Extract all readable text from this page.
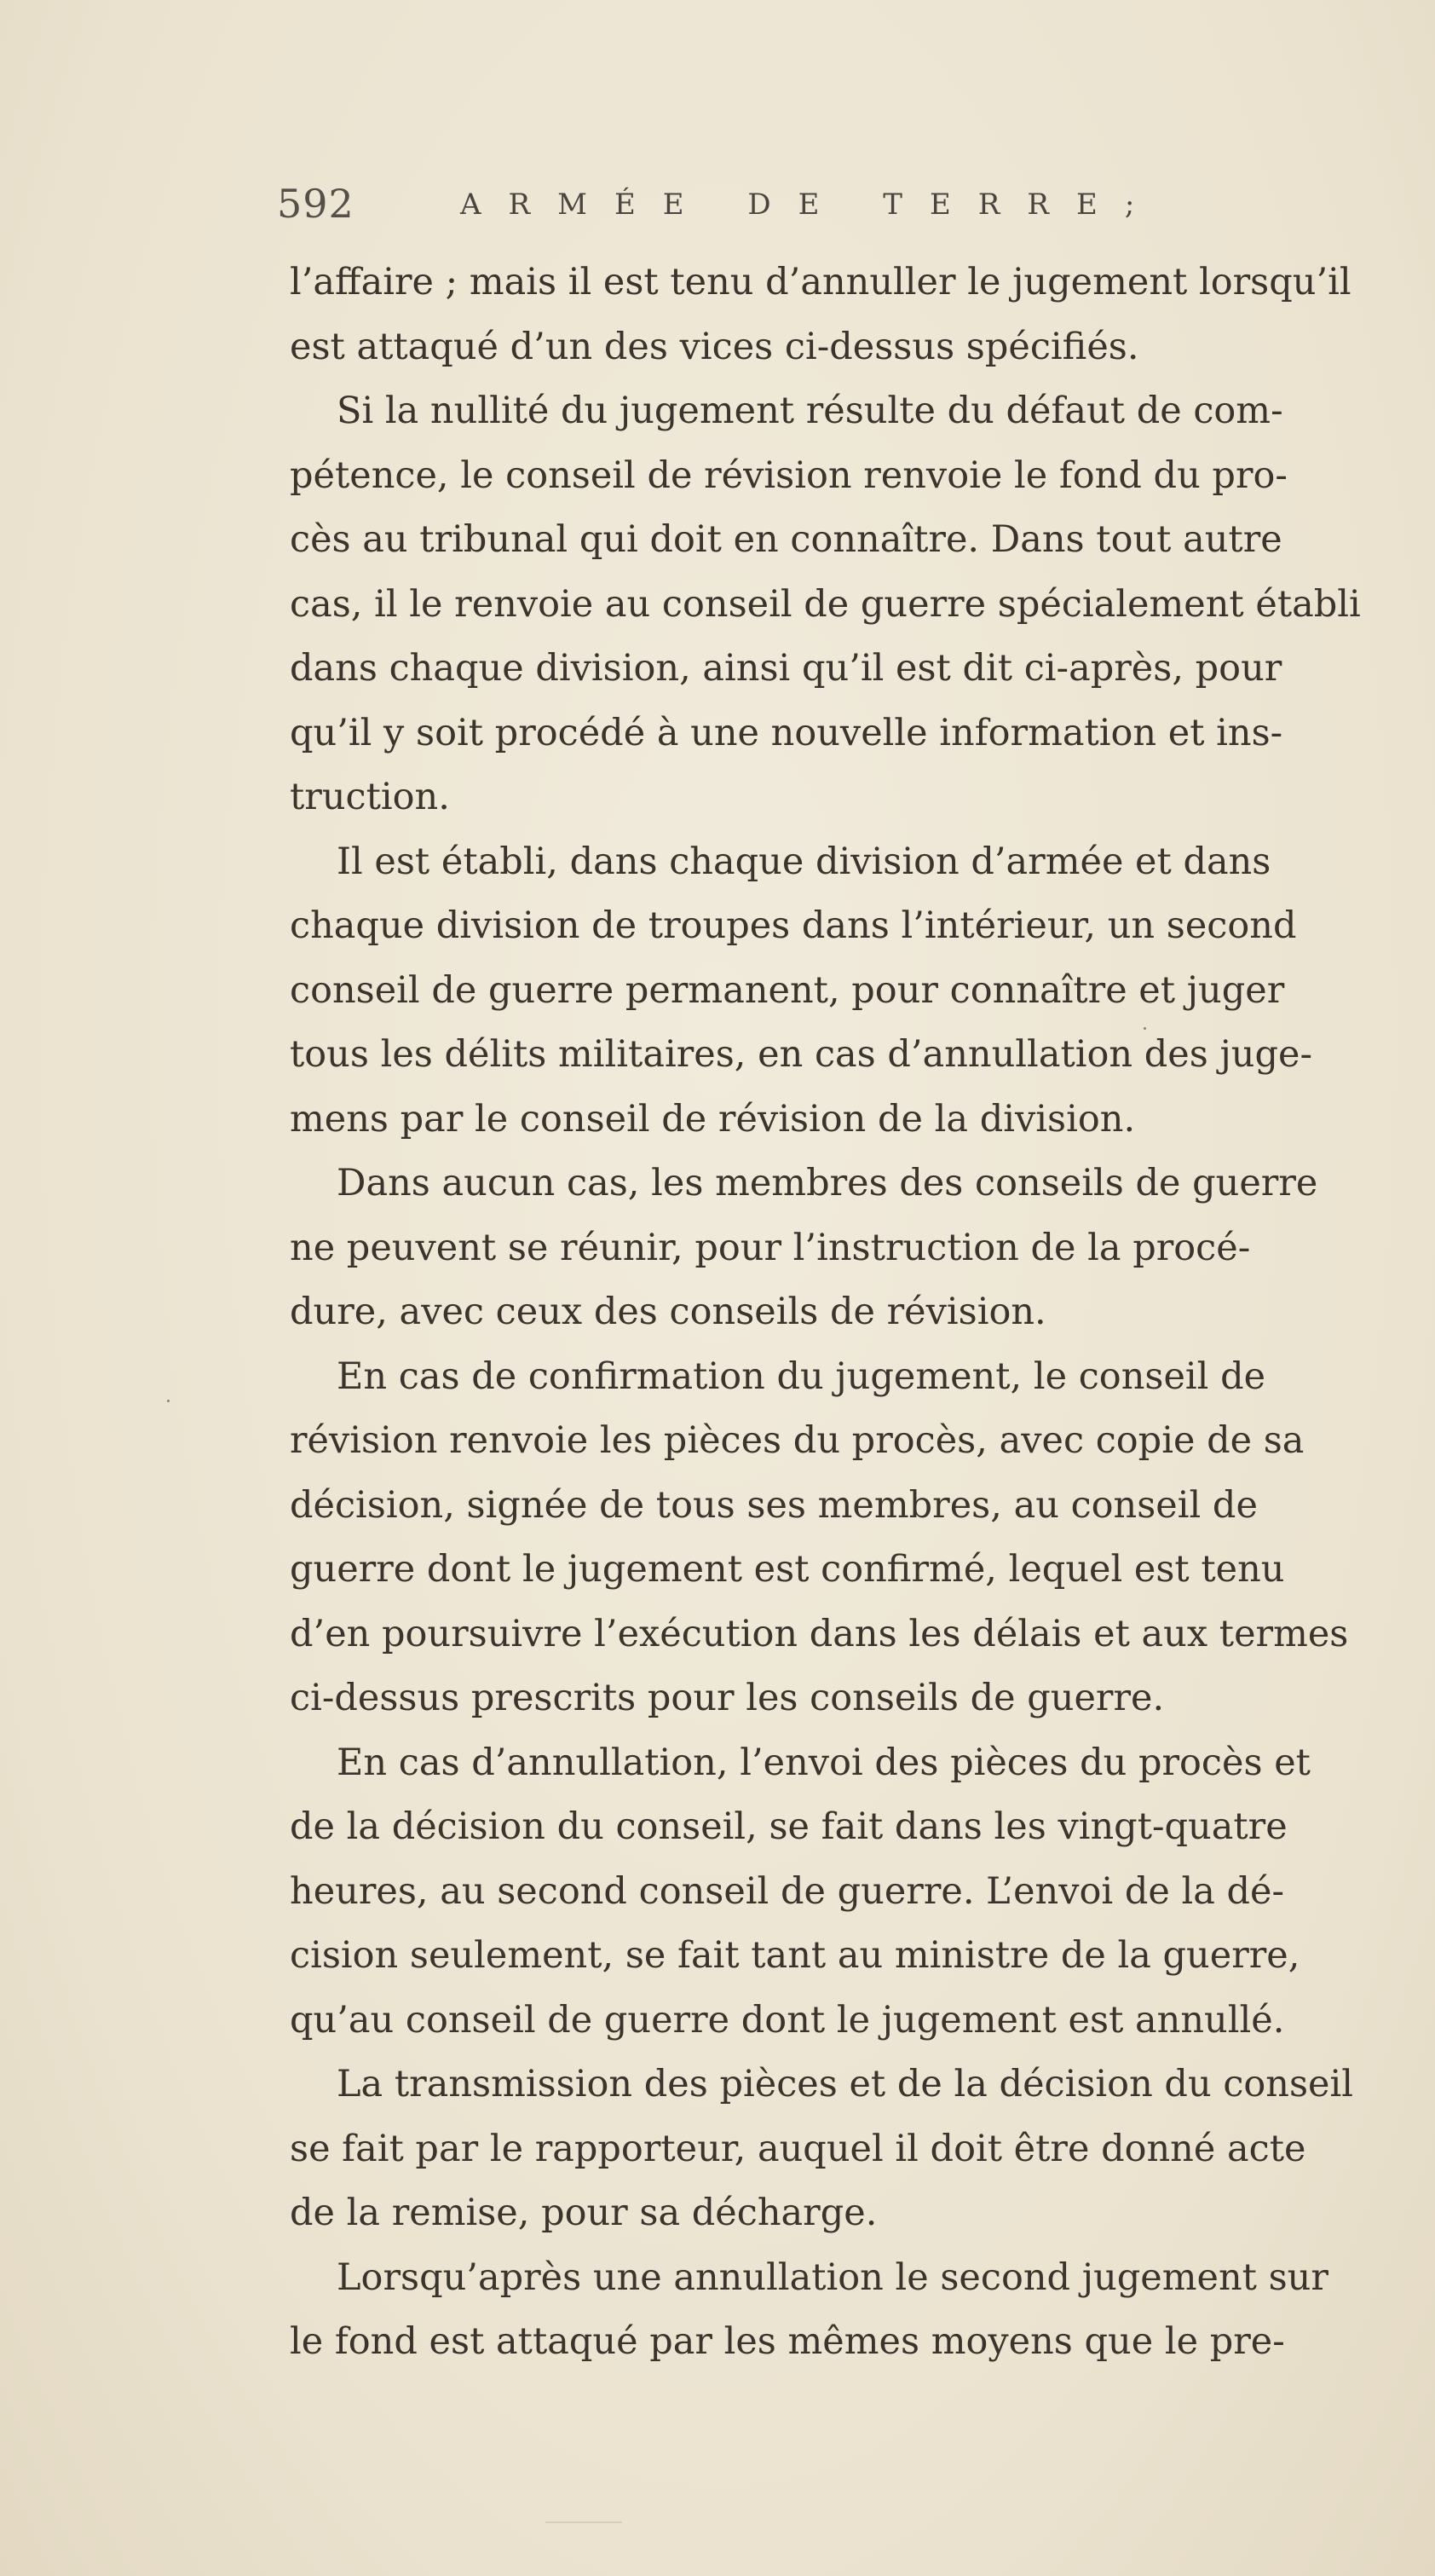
592	ARMÉE DE TERRE;
l’affaire ; mais il est tenu d’annuller le jugement lorsqu’il
est attaqué d’un des vices ci-dessus spécifiés.
Si la nullité du jugement résulte du défaut de com-
pétence, le conseil de révision renvoie le fond du pro-
cès au tribunal qui doit en connaître. Dans tout autre
cas, il le renvoie au conseil de guerre spécialement établi
dans chaque division, ainsi qu’il est dit ci-après, pour
qu’il y soit procédé à une nouvelle information et ins-
truction.
Il est établi, dans chaque division d’armée et dans
chaque division de troupes dans l’intérieur, un second
conseil de guerre permanent, pour connaître et juger
tous les délits militaires, en cas d’annullation des juge-
mens par le conseil de révision de la division.
Dans aucun cas, les membres des conseils de guerre
ne peuvent se réunir, pour l’instruction de la procé-
dure, avec ceux des conseils de révision.
En cas de confirmation du jugement, le conseil de
révision renvoie les pièces du procès, avec copie de sa
décision, signée de tous ses membres, au conseil de
guerre dont le jugement est confirmé, lequel est tenu
d’en poursuivre l’exécution dans les délais et aux termes
ci-dessus prescrits pour les conseils de guerre.
En cas d’annullation, l’envoi des pièces du procès et
de la décision du conseil, se fait dans les vingt-quatre
heures, au second conseil de guerre. L’envoi de la dé-
cision seulement, se fait tant au ministre de la guerre,
qu’au conseil de guerre dont le jugement est annullé.
La transmission des pièces et de la décision du conseil
se fait par le rapporteur, auquel il doit être donné acte
de la remise, pour sa décharge.
Lorsqu’après une annullation le second jugement sur
le fond est attaqué par les mêmes moyens que le pre-
